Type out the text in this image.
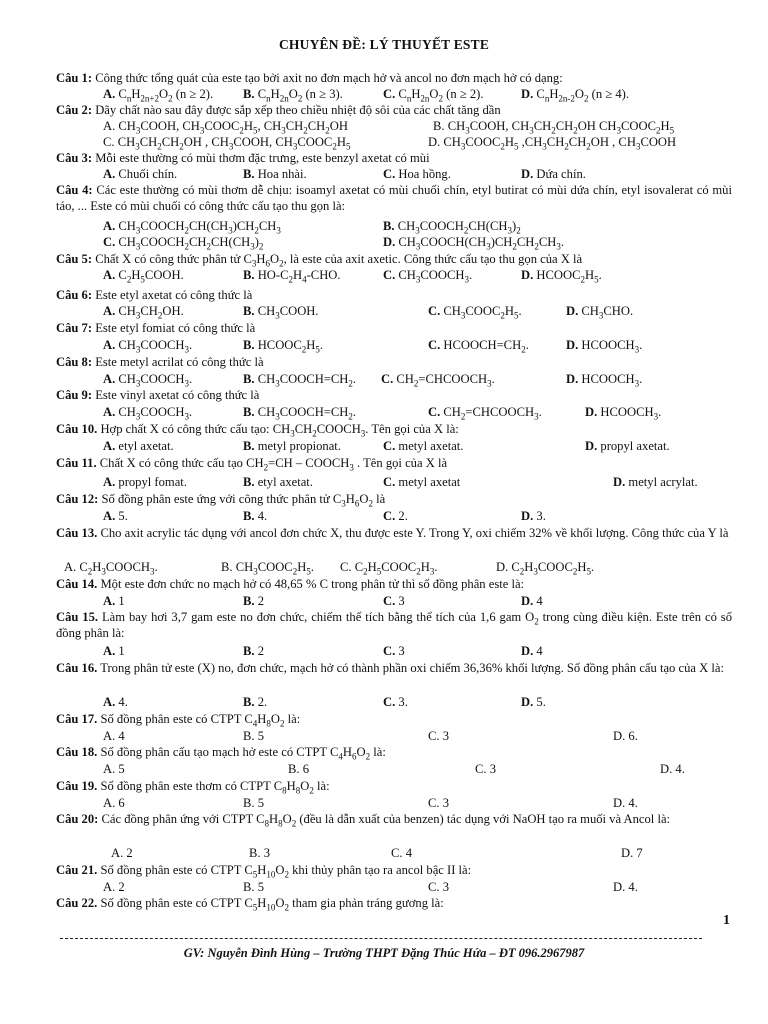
CHUYÊN ĐỀ: LÝ THUYẾT ESTE
Câu 1: Công thức tổng quát của este tạo bởi axit no đơn mạch hở và ancol no đơn mạch hở có dạng:
A. $C_nH_{2n+2}O_2$ (n ≥ 2). B. $C_nH_{2n}O_2$ (n ≥ 3).	C. $C_nH_{2n}O_2$ (n ≥ 2).	D. $C_nH_{2n-2}O_2$ (n ≥ 4).
Câu 2: Dãy chất nào sau đây được sắp xếp theo chiều nhiệt độ sôi của các chất tăng dần
A. $CH_3COOH$, $CH_3COOC_2H_5$, $CH_3CH_2CH_2OH$	B. $CH_3COOH$, $CH_3CH_2CH_2OH$ $CH_3COOC_2H_5$
C. $CH_3CH_2CH_2OH$ , $CH_3COOH$, $CH_3COOC_2H_5$	D. $CH_3COOC_2H_5$ $,CH_3CH_2CH_2OH$ , $CH_3COOH$
Câu 3: Mỗi este thường có mùi thơm đặc trưng, este benzyl axetat có mùi
A. Chuối chín.	B. Hoa nhài.	C. Hoa hồng.	D. Dứa chín.
Câu 4: Các este thường có mùi thơm dễ chịu: isoamyl axetat có mùi chuối chín, etyl butirat có mùi dứa chín, etyl isovalerat có mùi táo, ... Este có mùi chuối có công thức cấu tạo thu gọn là:
A. $CH_3COOCH_2CH(CH_3)CH_2CH_3$	B. $CH_3COOCH_2CH(CH_3)_2$
C. $CH_3COOCH_2CH_2CH(CH_3)_2$	D. $CH_3COOCH(CH_3)CH_2CH_2CH_3$.
Câu 5: Chất X có công thức phân tử $C_3H_6O_2$, là este của axit axetic. Công thức cấu tạo thu gọn của X là
A. $C_2H_5COOH$.	B. $HO-C_2H_4$-CHO.	C. $CH_3COOCH_3$.	D. $HCOOC_2H_5$.
Câu 6: Este etyl axetat có công thức là
A. $CH_3CH_2OH$.	B. $CH_3COOH$.	C. $CH_3COOC_2H_5$.	D. $CH_3CHO$.
Câu 7: Este etyl fomiat có công thức là
A. $CH_3COOCH_3$.	B. $HCOOC_2H_5$.	C. $HCOOCH=CH_2$.	D. $HCOOCH_3$.
Câu 8: Este metyl acrilat có công thức là
A. $CH_3COOCH_3$.	B. $CH_3COOCH=CH_2$. C. $CH_2=CHCOOCH_3$.	D. $HCOOCH_3$.
Câu 9: Este vinyl axetat có công thức là
A. $CH_3COOCH_3$.	B. $CH_3COOCH=CH_2$.	C. $CH_2=CHCOOCH_3$.	D. $HCOOCH_3$.
Câu 10. Hợp chất X có công thức cấu tạo: $CH_3CH_2COOCH_3$. Tên gọi của X là:
A. etyl axetat.	B. metyl propionat.	C. metyl axetat.	D. propyl axetat.
Câu 11. Chất X có công thức cấu tạo $CH_2=CH$ – $COOCH_3$ . Tên gọi của X là
A. propyl fomat.	B. etyl axetat.	C. metyl axetat	D. metyl acrylat.
Câu 12: Số đồng phân este ứng với công thức phân tử $C_3H_6O_2$ là
A. 5.	B. 4.	C. 2.	D. 3.
Câu 13. Cho axit acrylic tác dụng với ancol đơn chức X, thu được este Y. Trong Y, oxi chiếm 32% về khối lượng. Công thức của Y là
A. $C_2H_3COOCH_3$.	B. $CH_3COOC_2H_5$. C. $C_2H_5COOC_2H_3$.	D. $C_2H_3COOC_2H_5$.
Câu 14. Một este đơn chức no mạch hở có 48,65 % C trong phân tử thì số đồng phân este là:
A. 1	B. 2	C. 3	D. 4
Câu 15. Làm bay hơi 3,7 gam este no đơn chức, chiếm thể tích bằng thể tích của 1,6 gam $O_2$ trong cùng điều kiện. Este trên có số đồng phân là:
A. 1	B. 2	C. 3	D. 4
Câu 16. Trong phân tử este (X) no, đơn chức, mạch hở có thành phần oxi chiếm 36,36% khối lượng. Số đồng phân cấu tạo của X là:
A. 4.	B. 2.	C. 3.	D. 5.
Câu 17. Số đồng phân este có CTPT $C_4H_8O_2$ là:
A. 4	B. 5	C. 3	D. 6.
Câu 18. Số đồng phân cấu tạo mạch hở este có CTPT $C_4H_6O_2$ là:
A. 5	B. 6	C. 3	D. 4.
Câu 19. Số đồng phân este thơm có CTPT $C_8H_8O_2$ là:
A. 6	B. 5	C. 3	D. 4.
Câu 20: Các đồng phân ứng với CTPT $C_8H_8O_2$ (đều là dẫn xuất của benzen) tác dụng với NaOH tạo ra muối và Ancol là:
A. 2	B. 3	C. 4	D. 7
Câu 21. Số đồng phân este có CTPT $C_5H_{10}O_2$ khi thủy phân tạo ra ancol bậc II là:
A. 2	B. 5	C. 3	D. 4.
Câu 22. Số đồng phân este có CTPT $C_5H_{10}O_2$ tham gia phản tráng gương là:
1
GV: Nguyễn Đình Hùng – Trường THPT Đặng Thúc Hứa – ĐT 096.2967987
